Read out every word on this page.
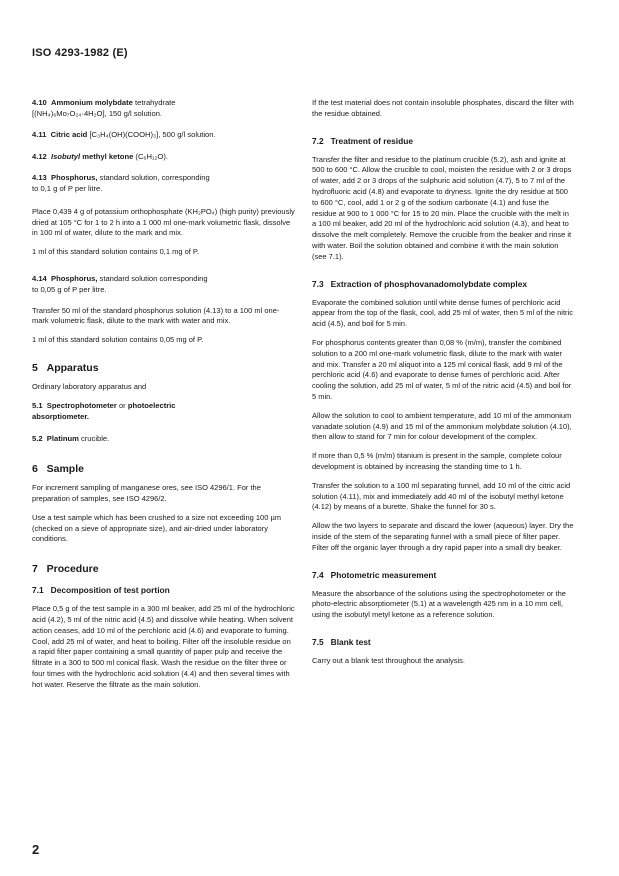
ISO 4293-1982 (E)
4.10 Ammonium molybdate tetrahydrate
[(NH₄)₆Mo₇O₂₄·4H₂O], 150 g/l solution.
4.11 Citric acid [C₃H₄(OH)(COOH)₃], 500 g/l solution.
4.12 Isobutyl methyl ketone (C₆H₁₂O).
4.13 Phosphorus, standard solution, corresponding
to 0,1 g of P per litre.

Place 0,439 4 g of potassium orthophosphate (KH₂PO₄) (high purity) previously dried at 105 °C for 1 to 2 h into a 1 000 ml one-mark volumetric flask, dissolve in 100 ml of water, dilute to the mark and mix.

1 ml of this standard solution contains 0,1 mg of P.

4.14 Phosphorus, standard solution corresponding
to 0,05 g of P per litre.

Transfer 50 ml of the standard phosphorus solution (4.13) to a 100 ml one-mark volumetric flask, dilute to the mark with water and mix.

1 ml of this standard solution contains 0,05 mg of P.

5 Apparatus

Ordinary laboratory apparatus and

5.1 Spectrophotometer or photoelectric
absorptiometer.
5.2 Platinum crucible.
6 Sample

For increment sampling of manganese ores, see ISO 4296/1. For the preparation of samples, see ISO 4296/2.

Use a test sample which has been crushed to a size not exceeding 100 µm (checked on a sieve of appropriate size), and air-dried under laboratory conditions.

7 Procedure
7.1 Decomposition of test portion

Place 0,5 g of the test sample in a 300 ml beaker, add 25 ml of the hydrochloric acid (4.2), 5 ml of the nitric acid (4.5) and dissolve while heating. When solvent action ceases, add 10 ml of the perchloric acid (4.6) and evaporate to fuming. Cool, add 25 ml of water, and heat to boiling. Filter off the insoluble residue on a rapid filter paper containing a small quantity of paper pulp and receive the filtrate in a 300 to 500 ml conical flask. Wash the residue on the filter three or four times with the hydrochloric acid solution (4.4) and then several times with hot water. Reserve the filtrate as the main solution.

If the test material does not contain insoluble phosphates, discard the filter with the residue obtained.

7.2 Treatment of residue

Transfer the filter and residue to the platinum crucible (5.2), ash and ignite at 500 to 600 °C. Allow the crucible to cool, moisten the residue with 2 or 3 drops of water, add 2 or 3 drops of the sulphuric acid solution (4.7), 5 to 7 ml of the hydrofluoric acid (4.8) and evaporate to dryness. Ignite the dry residue at 500 to 600 °C, cool, add 1 or 2 g of the sodium carbonate (4.1) and fuse the residue at 900 to 1 000 °C for 15 to 20 min. Place the crucible with the melt in a 100 ml beaker, add 20 ml of the hydrochloric acid solution (4.3), and heat to dissolve the melt completely. Remove the crucible from the beaker and rinse it with water. Boil the solution obtained and combine it with the main solution (see 7.1).

7.3 Extraction of phosphovanadomolybdate complex

Evaporate the combined solution until white dense fumes of perchloric acid appear from the top of the flask, cool, add 25 ml of water, then 5 ml of the nitric acid (4.5), and boil for 5 min.

For phosphorus contents greater than 0,08 % (m/m), transfer the combined solution to a 200 ml one-mark volumetric flask, dilute to the mark with water and mix. Transfer a 20 ml aliquot into a 125 ml conical flask, add 9 ml of the perchloric acid (4.6) and evaporate to dense fumes of perchloric acid. After cooling the solution, add 25 ml of water, 5 ml of the nitric acid (4.5) and boil for 5 min.

Allow the solution to cool to ambient temperature, add 10 ml of the ammonium vanadate solution (4.9) and 15 ml of the ammonium molybdate solution (4.10), then allow to stand for 7 min for colour development of the complex.

If more than 0,5 % (m/m) titanium is present in the sample, complete colour development is obtained by increasing the standing time to 1 h.

Transfer the solution to a 100 ml separating funnel, add 10 ml of the citric acid solution (4.11), mix and immediately add 40 ml of the isobutyl methyl ketone (4.12) by means of a burette. Shake the funnel for 30 s.

Allow the two layers to separate and discard the lower (aqueous) layer. Dry the inside of the stem of the separating funnel with a small piece of filter paper. Filter off the organic layer through a dry rapid paper into a small dry beaker.

7.4 Photometric measurement

Measure the absorbance of the solutions using the spectrophotometer or the photo-electric absorptiometer (5.1) at a wavelength 425 nm in a 10 mm cell, using the isobutyl metyl ketone as a reference solution.

7.5 Blank test

Carry out a blank test throughout the analysis.

2
